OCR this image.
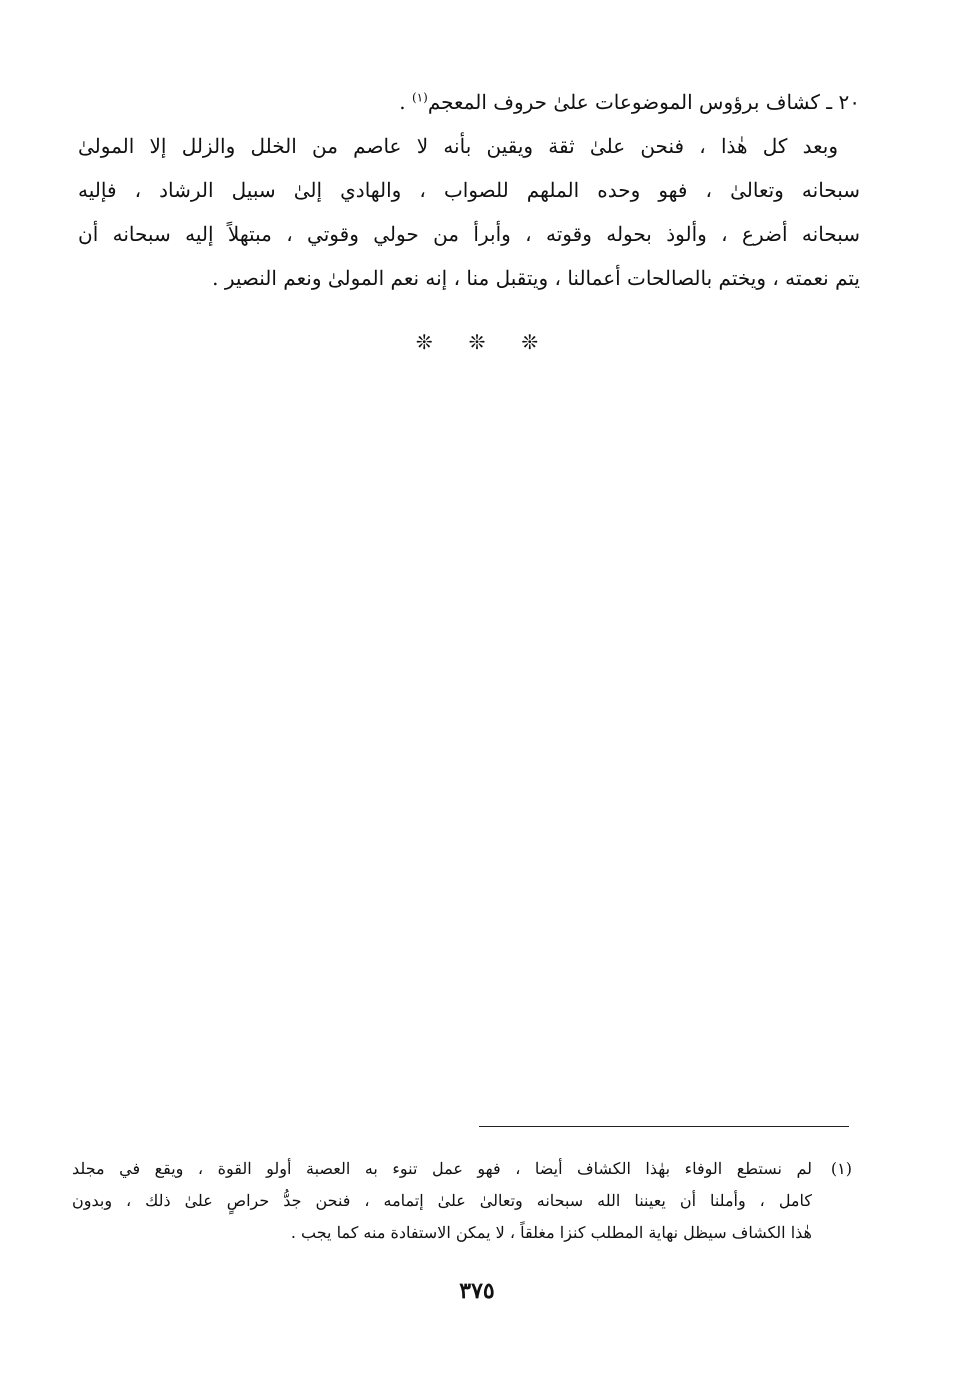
٢٠ ـ كشاف برؤوس الموضوعات علىٰ حروف المعجم$^{(١)}$ .
وبعد كل هٰذا ، فنحن علىٰ ثقة ويقين بأنه لا عاصم من الخلل والزلل إلا المولىٰ
سبحانه وتعالىٰ ، فهو وحده الملهم للصواب ، والهادي إلىٰ سبيل الرشاد ، فإليه
سبحانه أضرع ، وألوذ بحوله وقوته ، وأبرأ من حولي وقوتي ، مبتهلاً إليه سبحانه أن
يتم نعمته ، ويختم بالصالحات أعمالنا ، ويتقبل منا ، إنه نعم المولىٰ ونعم النصير .
❊ ❊ ❊
(١)
لم نستطع الوفاء بهٰذا الكشاف أيضا ، فهو عمل تنوء به العصبة أولو القوة ، ويقع في مجلد
كامل ، وأملنا أن يعيننا الله سبحانه وتعالىٰ علىٰ إتمامه ، فنحن جدُّ حراصٍ علىٰ ذلك ، وبدون
هٰذا الكشاف سيظل نهاية المطلب كنزا مغلقاً ، لا يمكن الاستفادة منه كما يجب .
٣٧٥
